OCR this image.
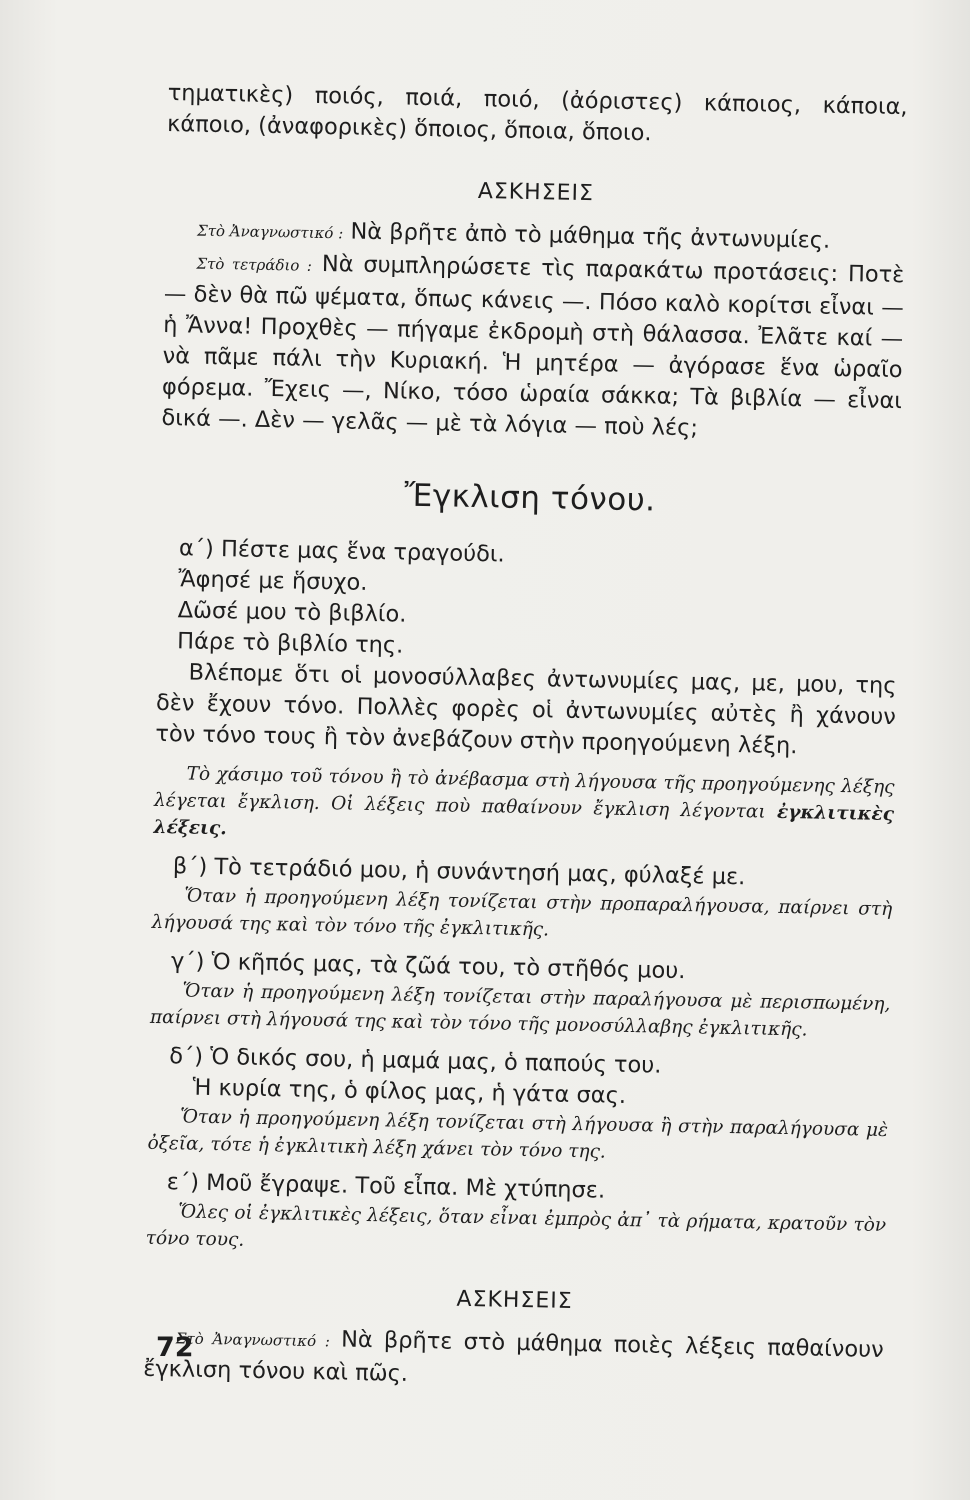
τηματικὲς) ποιός, ποιά, ποιό, (ἀόριστες) κάποιος, κάποια, κάποιο, (ἀναφορικὲς) ὅποιος, ὅποια, ὅποιο.

ΑΣΚΗΣΕΙΣ

Στὸ Ἀναγνωστικό : Νὰ βρῆτε ἀπὸ τὸ μάθημα τῆς ἀντωνυμίες.

Στὸ τετράδιο : Νὰ συμπληρώσετε τὶς παρακάτω προτάσεις: Ποτὲ — δὲν θὰ πῶ ψέματα, ὅπως κάνεις —. Πόσο καλὸ κορίτσι εἶναι — ἡ Ἄννα! Προχθὲς — πήγαμε ἐκδρομὴ στὴ θάλασσα. Ἐλᾶτε καί — νὰ πᾶμε πάλι τὴν Κυριακή. Ἡ μητέρα — ἀγόρασε ἕνα ὡραῖο φόρεμα. Ἔχεις —, Νίκο, τόσο ὡραία σάκκα; Τὰ βιβλία — εἶναι δικά —. Δὲν — γελᾶς — μὲ τὰ λόγια — ποὺ λές;

Ἔγκλιση τόνου.

α΄) Πέστε μας ἕνα τραγούδι.

Ἄφησέ με ἥσυχο.

Δῶσέ μου τὸ βιβλίο.

Πάρε τὸ βιβλίο της.

Βλέπομε ὅτι οἱ μονοσύλλαβες ἀντωνυμίες μας, με, μου, της δὲν ἔχουν τόνο. Πολλὲς φορὲς οἱ ἀντωνυμίες αὐτὲς ἢ χάνουν τὸν τόνο τους ἢ τὸν ἀνεβάζουν στὴν προηγούμενη λέξη.

Τὸ χάσιμο τοῦ τόνου ἢ τὸ ἀνέβασμα στὴ λήγουσα τῆς προηγούμενης λέξης λέγεται ἔγκλιση. Οἱ λέξεις ποὺ παθαίνουν ἔγκλιση λέγονται ἐγκλιτικὲς λέξεις.

β΄) Τὸ τετράδιό μου, ἡ συνάντησή μας, φύλαξέ με.

Ὅταν ἡ προηγούμενη λέξη τονίζεται στὴν προπαραλήγουσα, παίρνει στὴ λήγουσά της καὶ τὸν τόνο τῆς ἐγκλιτικῆς.

γ΄) Ὁ κῆπός μας, τὰ ζῶά του, τὸ στῆθός μου.

Ὅταν ἡ προηγούμενη λέξη τονίζεται στὴν παραλήγουσα μὲ περισπωμένη, παίρνει στὴ λήγουσά της καὶ τὸν τόνο τῆς μονοσύλλαβης ἐγκλιτικῆς.

δ΄) Ὁ δικός σου, ἡ μαμά μας, ὁ παπούς του.

Ἡ κυρία της, ὁ φίλος μας, ἡ γάτα σας.

Ὅταν ἡ προηγούμενη λέξη τονίζεται στὴ λήγουσα ἢ στὴν παραλήγουσα μὲ ὀξεῖα, τότε ἡ ἐγκλιτικὴ λέξη χάνει τὸν τόνο της.

ε΄) Μοῦ ἔγραψε. Τοῦ εἶπα. Μὲ χτύπησε.

Ὅλες οἱ ἐγκλιτικὲς λέξεις, ὅταν εἶναι ἐμπρὸς ἀπ᾽ τὰ ρήματα, κρατοῦν τὸν τόνο τους.

ΑΣΚΗΣΕΙΣ

Στὸ Ἀναγνωστικό : Νὰ βρῆτε στὸ μάθημα ποιὲς λέξεις παθαίνουν ἔγκλιση τόνου καὶ πῶς.

72
